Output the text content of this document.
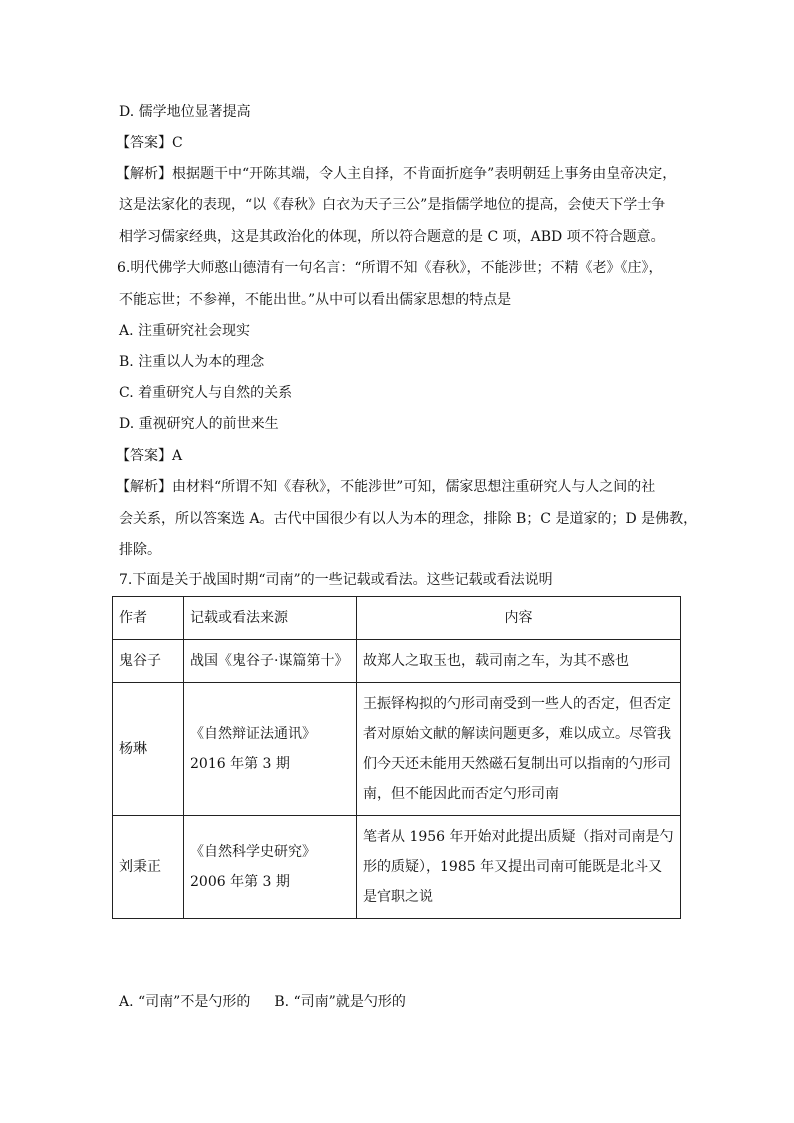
D. 儒学地位显著提高
【答案】C
【解析】根据题干中“开陈其端，令人主自择，不肯面折庭争”表明朝廷上事务由皇帝决定，
这是法家化的表现，“以《春秋》白衣为天子三公”是指儒学地位的提高，会使天下学士争
相学习儒家经典，这是其政治化的体现，所以符合题意的是 C 项，ABD 项不符合题意。
6.明代佛学大师憨山德清有一句名言：“所谓不知《春秋》，不能涉世；不精《老》《庄》，
不能忘世；不参禅，不能出世。”从中可以看出儒家思想的特点是
A. 注重研究社会现实
B. 注重以人为本的理念
C. 着重研究人与自然的关系
D. 重视研究人的前世来生
【答案】A
【解析】由材料“所谓不知《春秋》，不能涉世”可知，儒家思想注重研究人与人之间的社
会关系，所以答案选 A。古代中国很少有以人为本的理念，排除 B；C 是道家的；D 是佛教，
排除。
7.下面是关于战国时期“司南”的一些记载或看法。这些记载或看法说明
作者	记载或看法来源	内容
鬼谷子	战国《鬼谷子·谋篇第十》	故郑人之取玉也，载司南之车，为其不惑也
杨琳	《自然辩证法通讯》2016 年第 3 期	王振铎构拟的勺形司南受到一些人的否定，但否定者对原始文献的解读问题更多，难以成立。尽管我们今天还未能用天然磁石复制出可以指南的勺形司南，但不能因此而否定勺形司南
刘秉正	《自然科学史研究》2006 年第 3 期	笔者从 1956 年开始对此提出质疑（指对司南是勺形的质疑），1985 年又提出司南可能既是北斗又是官职之说
A. “司南”不是勺形的 B. “司南”就是勺形的
